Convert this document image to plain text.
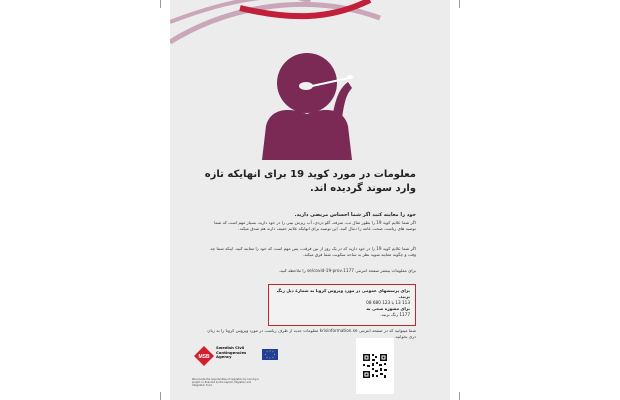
معلومات در مورد کوید 19 برای انهایکه تازه وارد سوند گردیده اند.
خود را معاینه کنید اگر شما احساس مریضی دارید.
اگر شما علایم کوید 19 را بطور مثال تب، سرفه، گلو دردی، آب ریزش بینی را در خود دارید، بسیار مهم است که شما توصیه های ریاست صحت عامه را دنبال کنید. این توصیه برای انهایکه علایم خفیف دارند هم صدق میکند.
اگر شما علایم کوید 19 را در خود دارید که در یک روز از بین فرقت، پس مهم است که خود را معاینه کنید. اینکه شما چه وقت و چگونه معاینه شوید نظر به ساحه سکونت شما فرق میکند.
برای معلومات بیشتر صفحه انترنتی 1177.se/covid-19-prov را ملاحظه کنید.
برای پرسشهای عمومی در مورد ویروس کرونا به شمارهٔ ذیل زنگ بزنید.
113 13 یا 123 680 08
برای مشوره صحی به
1177 زنگ بزنید.
شما میتوانید که در صفحه انترنتی krisinformation.se معلومات جدید از طرف ریاست در مورد ویروس کرونا را به زبان دری بخوانید.
MSB
Swedish Civil Contingencies Agency
We provide the opportunities of regulation by running a project co-financed by the Asylum, Migration and Integration Fund
